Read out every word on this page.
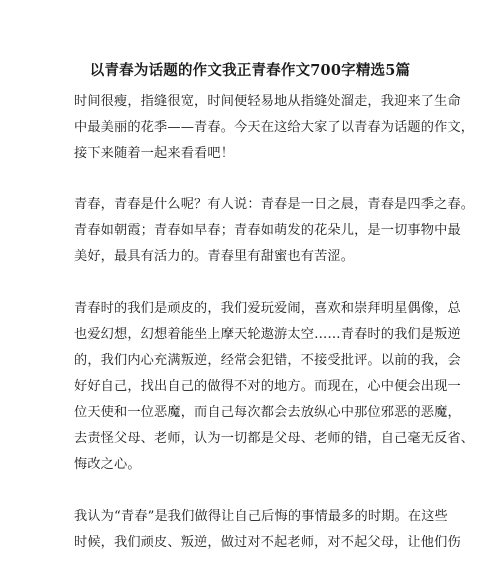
以青春为话题的作文我正青春作文700字精选5篇
时间很瘦，指缝很宽，时间便轻易地从指缝处溜走，我迎来了生命
中最美丽的花季——青春。今天在这给大家了以青春为话题的作文，
接下来随着一起来看看吧！
青春，青春是什么呢？有人说：青春是一日之晨，青春是四季之春。
青春如朝霞；青春如早春；青春如萌发的花朵儿，是一切事物中最
美好，最具有活力的。青春里有甜蜜也有苦涩。
青春时的我们是顽皮的，我们爱玩爱闹，喜欢和崇拜明星偶像，总
也爱幻想，幻想着能坐上摩天轮遨游太空……青春时的我们是叛逆
的，我们内心充满叛逆，经常会犯错，不接受批评。以前的我，会
好好自己，找出自己的做得不对的地方。而现在，心中便会出现一
位天使和一位恶魔，而自己每次都会去放纵心中那位邪恶的恶魔，
去责怪父母、老师，认为一切都是父母、老师的错，自己毫无反省、
悔改之心。
我认为“青春”是我们做得让自己后悔的事情最多的时期。在这些
时候，我们顽皮、叛逆，做过对不起老师，对不起父母，让他们伤
